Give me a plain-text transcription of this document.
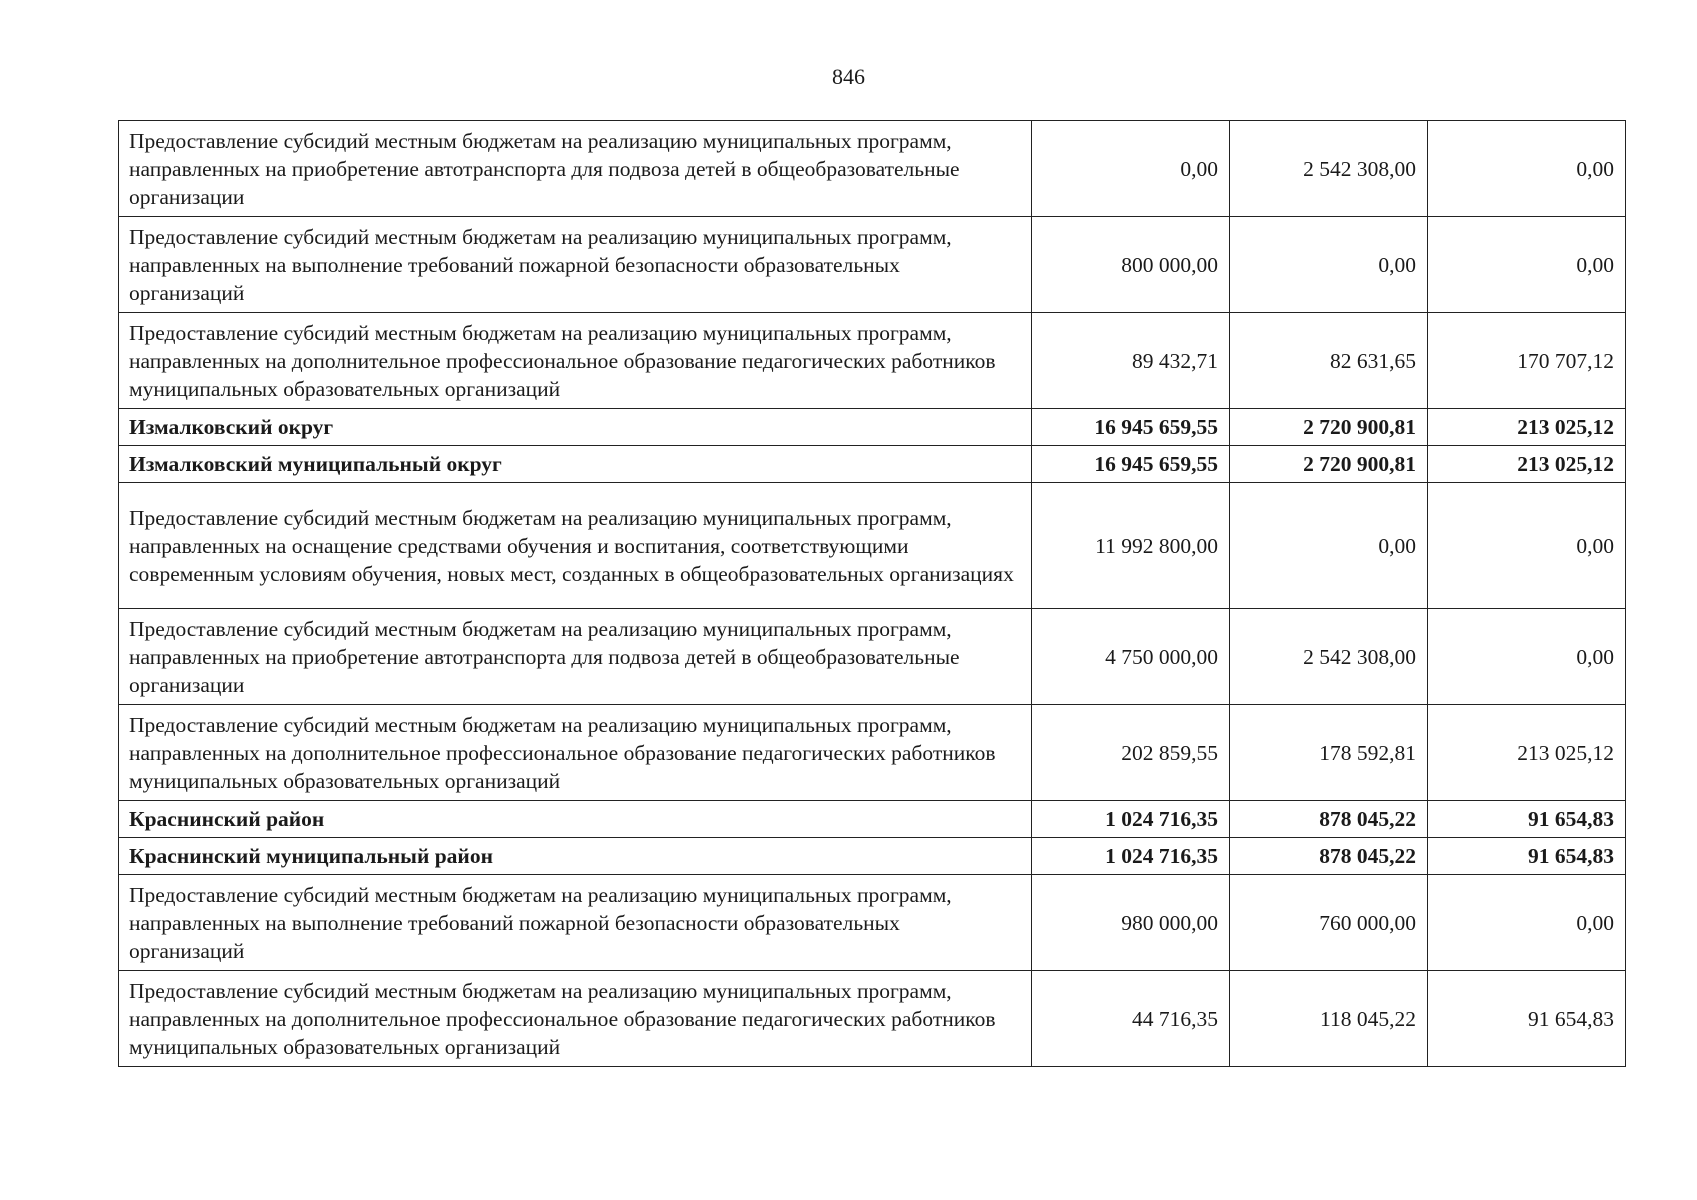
846
Предоставление субсидий местным бюджетам на реализацию муниципальных программ, направленных на приобретение автотранспорта для подвоза детей в общеобразовательные организации	0,00	2 542 308,00	0,00
Предоставление субсидий местным бюджетам на реализацию муниципальных программ, направленных на выполнение требований пожарной безопасности образовательных организаций	800 000,00	0,00	0,00
Предоставление субсидий местным бюджетам на реализацию муниципальных программ, направленных на дополнительное профессиональное образование педагогических работников муниципальных образовательных организаций	89 432,71	82 631,65	170 707,12
Измалковский округ	16 945 659,55	2 720 900,81	213 025,12
Измалковский муниципальный округ	16 945 659,55	2 720 900,81	213 025,12
Предоставление субсидий местным бюджетам на реализацию муниципальных программ, направленных на оснащение средствами обучения и воспитания, соответствующими современным условиям обучения, новых мест, созданных в общеобразовательных организациях	11 992 800,00	0,00	0,00
Предоставление субсидий местным бюджетам на реализацию муниципальных программ, направленных на приобретение автотранспорта для подвоза детей в общеобразовательные организации	4 750 000,00	2 542 308,00	0,00
Предоставление субсидий местным бюджетам на реализацию муниципальных программ, направленных на дополнительное профессиональное образование педагогических работников муниципальных образовательных организаций	202 859,55	178 592,81	213 025,12
Краснинский район	1 024 716,35	878 045,22	91 654,83
Краснинский муниципальный район	1 024 716,35	878 045,22	91 654,83
Предоставление субсидий местным бюджетам на реализацию муниципальных программ, направленных на выполнение требований пожарной безопасности образовательных организаций	980 000,00	760 000,00	0,00
Предоставление субсидий местным бюджетам на реализацию муниципальных программ, направленных на дополнительное профессиональное образование педагогических работников муниципальных образовательных организаций	44 716,35	118 045,22	91 654,83
